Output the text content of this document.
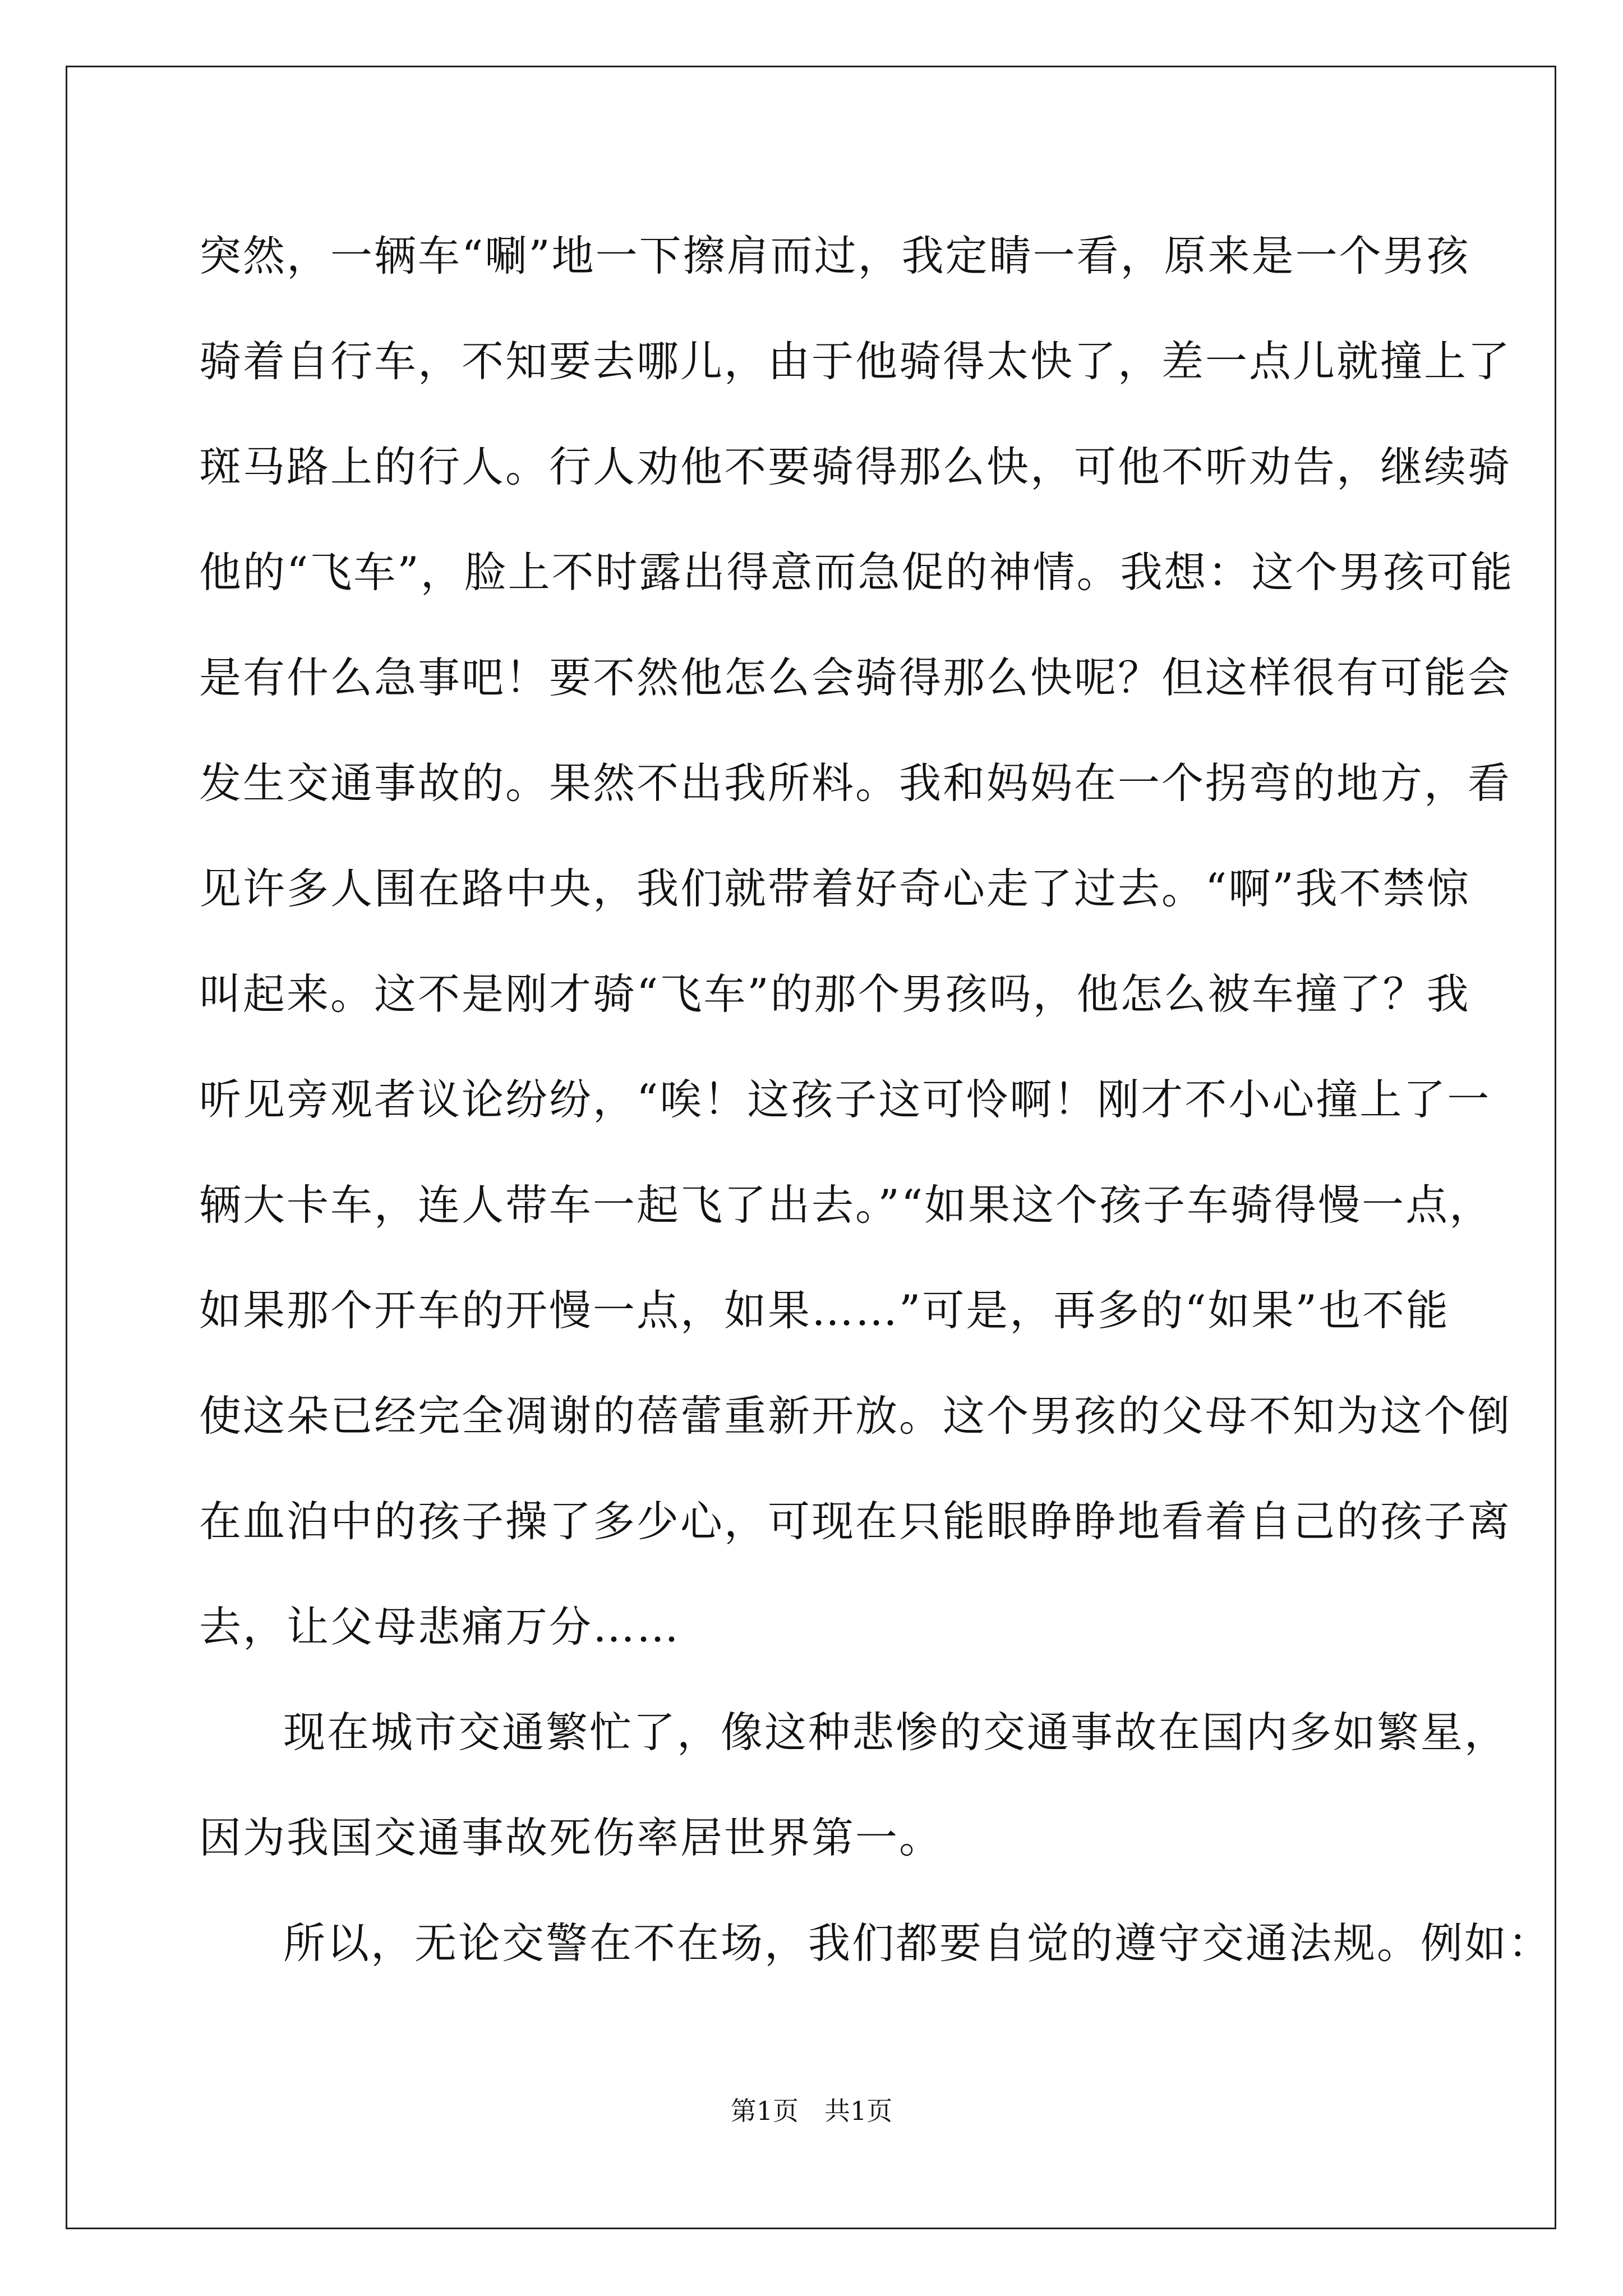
突然，一辆车“唰”地一下擦肩而过，我定睛一看，原来是一个男孩
骑着自行车，不知要去哪儿，由于他骑得太快了，差一点儿就撞上了
斑马路上的行人。行人劝他不要骑得那么快，可他不听劝告，继续骑
他的“飞车”，脸上不时露出得意而急促的神情。我想：这个男孩可能
是有什么急事吧！要不然他怎么会骑得那么快呢？但这样很有可能会
发生交通事故的。果然不出我所料。我和妈妈在一个拐弯的地方，看
见许多人围在路中央，我们就带着好奇心走了过去。“啊”我不禁惊
叫起来。这不是刚才骑“飞车”的那个男孩吗，他怎么被车撞了？我
听见旁观者议论纷纷，“唉！这孩子这可怜啊！刚才不小心撞上了一
辆大卡车，连人带车一起飞了出去。”“如果这个孩子车骑得慢一点，
如果那个开车的开慢一点，如果……”可是，再多的“如果”也不能
使这朵已经完全凋谢的蓓蕾重新开放。这个男孩的父母不知为这个倒
在血泊中的孩子操了多少心，可现在只能眼睁睁地看着自己的孩子离
去，让父母悲痛万分……
现在城市交通繁忙了，像这种悲惨的交通事故在国内多如繁星，
因为我国交通事故死伤率居世界第一。
所以，无论交警在不在场，我们都要自觉的遵守交通法规。例如：
第1页 共1页
